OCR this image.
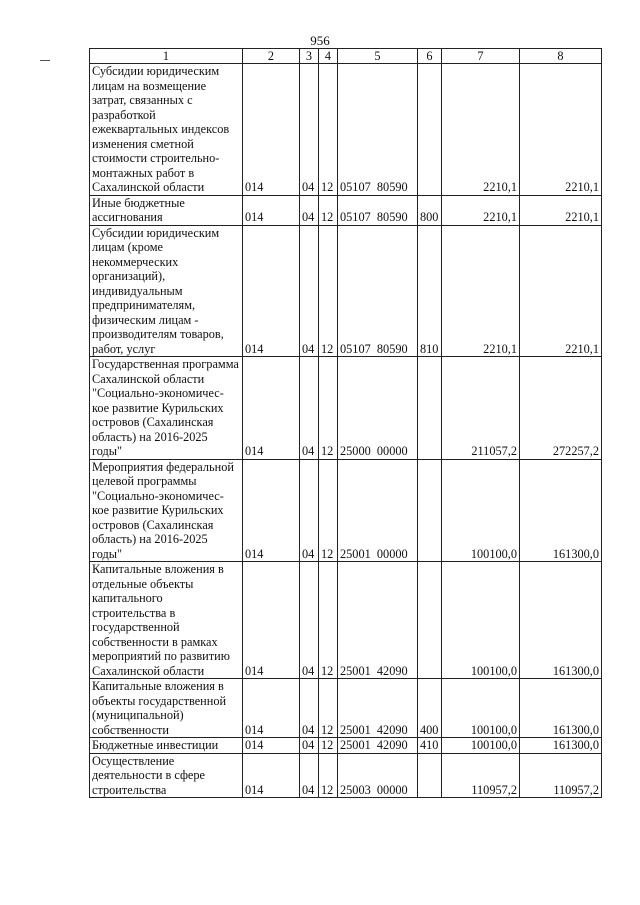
956
1	2	3	4	5	6	7	8
Субсидии юридическим лицам на возмещение затрат, связанных с разработкой ежеквартальных индексов изменения сметной стоимости строительно-монтажных работ в Сахалинской области	014	04	12	05107  80590		2210,1	2210,1
Иные бюджетные ассигнования	014	04	12	05107  80590	800	2210,1	2210,1
Субсидии юридическим лицам (кроме некоммерческих организаций), индивидуальным предпринимателям, физическим лицам - производителям товаров, работ, услуг	014	04	12	05107  80590	810	2210,1	2210,1
Государственная программа Сахалинской области "Социально-экономичес-кое развитие Курильских островов (Сахалинская область) на 2016-2025 годы"	014	04	12	25000  00000		211057,2	272257,2
Мероприятия федеральной целевой программы "Социально-экономичес-кое развитие Курильских островов (Сахалинская область) на 2016-2025 годы"	014	04	12	25001  00000		100100,0	161300,0
Капитальные вложения в отдельные объекты капитального строительства в государственной собственности в рамках мероприятий по развитию Сахалинской области	014	04	12	25001  42090		100100,0	161300,0
Капитальные вложения в объекты государственной (муниципальной) собственности	014	04	12	25001  42090	400	100100,0	161300,0
Бюджетные инвестиции	014	04	12	25001  42090	410	100100,0	161300,0
Осуществление деятельности в сфере строительства	014	04	12	25003  00000		110957,2	110957,2
